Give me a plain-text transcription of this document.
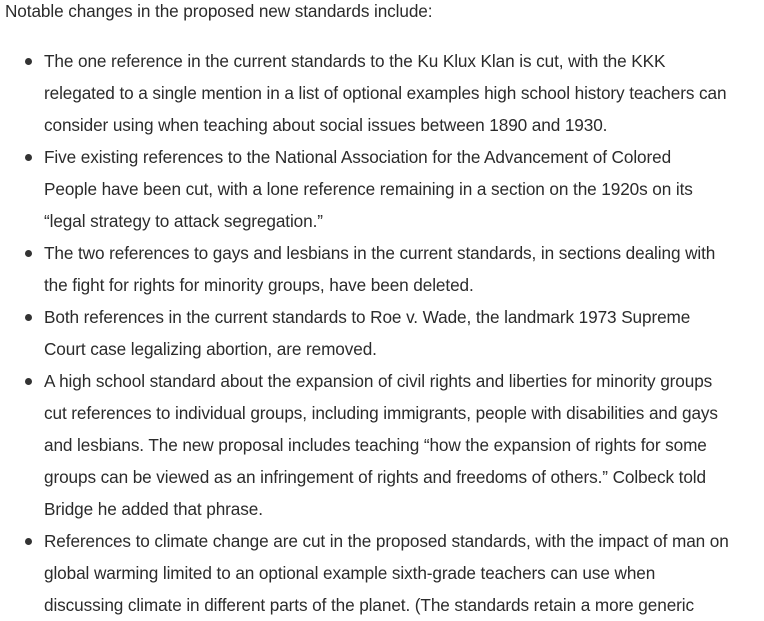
Notable changes in the proposed new standards include:

The one reference in the current standards to the Ku Klux Klan is cut, with the KKK
relegated to a single mention in a list of optional examples high school history teachers can
consider using when teaching about social issues between 1890 and 1930.
Five existing references to the National Association for the Advancement of Colored
People have been cut, with a lone reference remaining in a section on the 1920s on its
“legal strategy to attack segregation.”
The two references to gays and lesbians in the current standards, in sections dealing with
the fight for rights for minority groups, have been deleted.
Both references in the current standards to Roe v. Wade, the landmark 1973 Supreme
Court case legalizing abortion, are removed.
A high school standard about the expansion of civil rights and liberties for minority groups
cut references to individual groups, including immigrants, people with disabilities and gays
and lesbians. The new proposal includes teaching “how the expansion of rights for some
groups can be viewed as an infringement of rights and freedoms of others.” Colbeck told
Bridge he added that phrase.
References to climate change are cut in the proposed standards, with the impact of man on
global warming limited to an optional example sixth-grade teachers can use when
discussing climate in different parts of the planet. (The standards retain a more generic
